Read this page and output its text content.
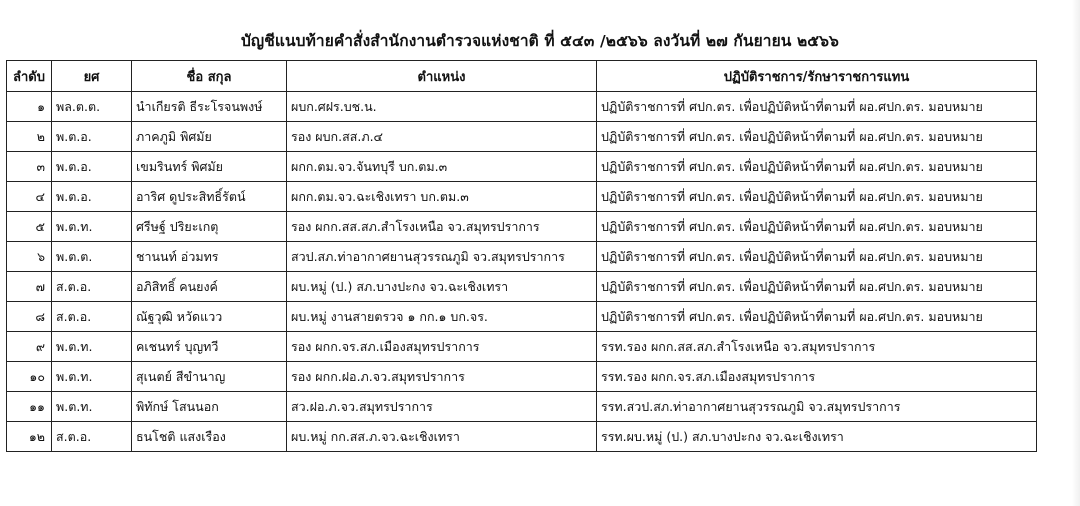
บัญชีแนบท้ายคำสั่งสำนักงานตำรวจแห่งชาติ ที่ ๕๔๓ /๒๕๖๖ ลงวันที่ ๒๗ กันยายน ๒๕๖๖
ลำดับ	ยศ	ชื่อ สกุล	ตำแหน่ง	ปฏิบัติราชการ/รักษาราชการแทน
๑	พล.ต.ต.	นำเกียรติ ธีระโรจนพงษ์	ผบก.ศฝร.บช.น.	ปฏิบัติราชการที่ ศปก.ตร. เพื่อปฏิบัติหน้าที่ตามที่ ผอ.ศปก.ตร. มอบหมาย
๒	พ.ต.อ.	ภาคภูมิ พิศมัย	รอง ผบก.สส.ภ.๔	ปฏิบัติราชการที่ ศปก.ตร. เพื่อปฏิบัติหน้าที่ตามที่ ผอ.ศปก.ตร. มอบหมาย
๓	พ.ต.อ.	เขมรินทร์ พิศมัย	ผกก.ตม.จว.จันทบุรี บก.ตม.๓	ปฏิบัติราชการที่ ศปก.ตร. เพื่อปฏิบัติหน้าที่ตามที่ ผอ.ศปก.ตร. มอบหมาย
๔	พ.ต.อ.	อาริศ ดูประสิทธิ์รัตน์	ผกก.ตม.จว.ฉะเชิงเทรา บก.ตม.๓	ปฏิบัติราชการที่ ศปก.ตร. เพื่อปฏิบัติหน้าที่ตามที่ ผอ.ศปก.ตร. มอบหมาย
๕	พ.ต.ท.	ศรีษฐ์ ปริยะเกตุ	รอง ผกก.สส.สภ.สำโรงเหนือ จว.สมุทรปราการ	ปฏิบัติราชการที่ ศปก.ตร. เพื่อปฏิบัติหน้าที่ตามที่ ผอ.ศปก.ตร. มอบหมาย
๖	พ.ต.ต.	ชานนท์ อ่วมทร	สวป.สภ.ท่าอากาศยานสุวรรณภูมิ จว.สมุทรปราการ	ปฏิบัติราชการที่ ศปก.ตร. เพื่อปฏิบัติหน้าที่ตามที่ ผอ.ศปก.ตร. มอบหมาย
๗	ส.ต.อ.	อภิสิทธิ์ คนยงค์	ผบ.หมู่ (ป.) สภ.บางปะกง จว.ฉะเชิงเทรา	ปฏิบัติราชการที่ ศปก.ตร. เพื่อปฏิบัติหน้าที่ตามที่ ผอ.ศปก.ตร. มอบหมาย
๘	ส.ต.อ.	ณัฐวุฒิ หวัดแวว	ผบ.หมู่ งานสายตรวจ ๑ กก.๑ บก.จร.	ปฏิบัติราชการที่ ศปก.ตร. เพื่อปฏิบัติหน้าที่ตามที่ ผอ.ศปก.ตร. มอบหมาย
๙	พ.ต.ท.	คเชนทร์ บุญทวี	รอง ผกก.จร.สภ.เมืองสมุทรปราการ	รรท.รอง ผกก.สส.สภ.สำโรงเหนือ จว.สมุทรปราการ
๑๐	พ.ต.ท.	สุเนตย์ สีขำนาญ	รอง ผกก.ฝอ.ภ.จว.สมุทรปราการ	รรท.รอง ผกก.จร.สภ.เมืองสมุทรปราการ
๑๑	พ.ต.ท.	พิทักษ์ โสนนอก	สว.ฝอ.ภ.จว.สมุทรปราการ	รรท.สวป.สภ.ท่าอากาศยานสุวรรณภูมิ จว.สมุทรปราการ
๑๒	ส.ต.อ.	ธนโชติ แสงเรือง	ผบ.หมู่ กก.สส.ภ.จว.ฉะเชิงเทรา	รรท.ผบ.หมู่ (ป.) สภ.บางปะกง จว.ฉะเชิงเทรา
